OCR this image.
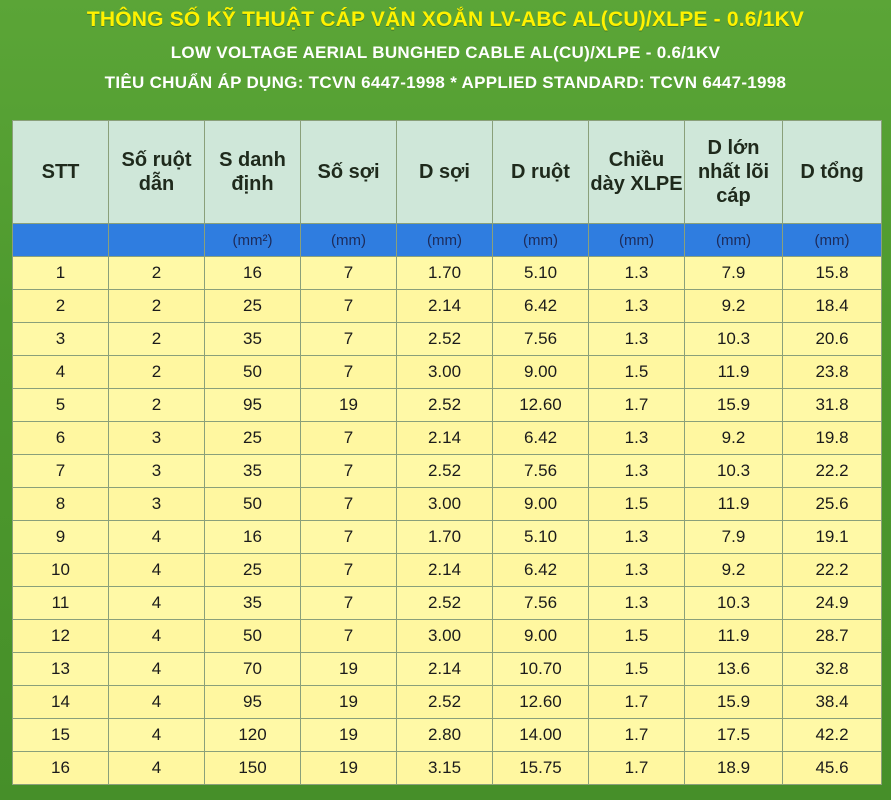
THÔNG SỐ KỸ THUẬT CÁP VẶN XOẮN LV-ABC AL(CU)/XLPE - 0.6/1KV
LOW VOLTAGE AERIAL BUNGHED CABLE AL(CU)/XLPE - 0.6/1KV
TIÊU CHUẨN ÁP DỤNG: TCVN 6447-1998 * APPLIED STANDARD: TCVN 6447-1998
STT	Số ruột dẫn	S danh định	Số sợi	D sợi	D ruột	Chiều dày XLPE	D lớn nhất lõi cáp	D tổng
		(mm²)	(mm)	(mm)	(mm)	(mm)	(mm)	(mm)
1	2	16	7	1.70	5.10	1.3	7.9	15.8
2	2	25	7	2.14	6.42	1.3	9.2	18.4
3	2	35	7	2.52	7.56	1.3	10.3	20.6
4	2	50	7	3.00	9.00	1.5	11.9	23.8
5	2	95	19	2.52	12.60	1.7	15.9	31.8
6	3	25	7	2.14	6.42	1.3	9.2	19.8
7	3	35	7	2.52	7.56	1.3	10.3	22.2
8	3	50	7	3.00	9.00	1.5	11.9	25.6
9	4	16	7	1.70	5.10	1.3	7.9	19.1
10	4	25	7	2.14	6.42	1.3	9.2	22.2
11	4	35	7	2.52	7.56	1.3	10.3	24.9
12	4	50	7	3.00	9.00	1.5	11.9	28.7
13	4	70	19	2.14	10.70	1.5	13.6	32.8
14	4	95	19	2.52	12.60	1.7	15.9	38.4
15	4	120	19	2.80	14.00	1.7	17.5	42.2
16	4	150	19	3.15	15.75	1.7	18.9	45.6
